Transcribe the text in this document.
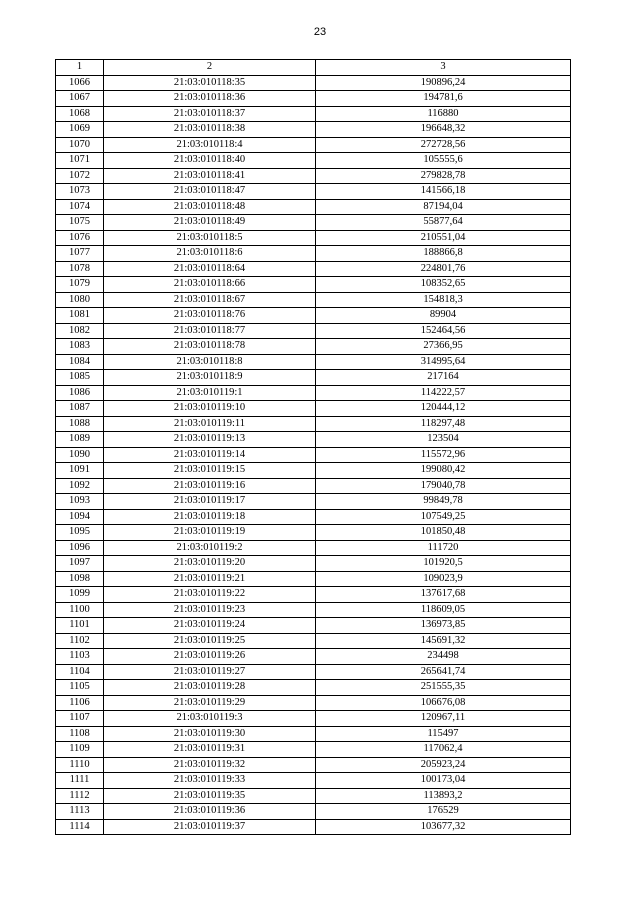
23
1	2	3
1066	21:03:010118:35	190896,24
1067	21:03:010118:36	194781,6
1068	21:03:010118:37	116880
1069	21:03:010118:38	196648,32
1070	21:03:010118:4	272728,56
1071	21:03:010118:40	105555,6
1072	21:03:010118:41	279828,78
1073	21:03:010118:47	141566,18
1074	21:03:010118:48	87194,04
1075	21:03:010118:49	55877,64
1076	21:03:010118:5	210551,04
1077	21:03:010118:6	188866,8
1078	21:03:010118:64	224801,76
1079	21:03:010118:66	108352,65
1080	21:03:010118:67	154818,3
1081	21:03:010118:76	89904
1082	21:03:010118:77	152464,56
1083	21:03:010118:78	27366,95
1084	21:03:010118:8	314995,64
1085	21:03:010118:9	217164
1086	21:03:010119:1	114222,57
1087	21:03:010119:10	120444,12
1088	21:03:010119:11	118297,48
1089	21:03:010119:13	123504
1090	21:03:010119:14	115572,96
1091	21:03:010119:15	199080,42
1092	21:03:010119:16	179040,78
1093	21:03:010119:17	99849,78
1094	21:03:010119:18	107549,25
1095	21:03:010119:19	101850,48
1096	21:03:010119:2	111720
1097	21:03:010119:20	101920,5
1098	21:03:010119:21	109023,9
1099	21:03:010119:22	137617,68
1100	21:03:010119:23	118609,05
1101	21:03:010119:24	136973,85
1102	21:03:010119:25	145691,32
1103	21:03:010119:26	234498
1104	21:03:010119:27	265641,74
1105	21:03:010119:28	251555,35
1106	21:03:010119:29	106676,08
1107	21:03:010119:3	120967,11
1108	21:03:010119:30	115497
1109	21:03:010119:31	117062,4
1110	21:03:010119:32	205923,24
1111	21:03:010119:33	100173,04
1112	21:03:010119:35	113893,2
1113	21:03:010119:36	176529
1114	21:03:010119:37	103677,32
